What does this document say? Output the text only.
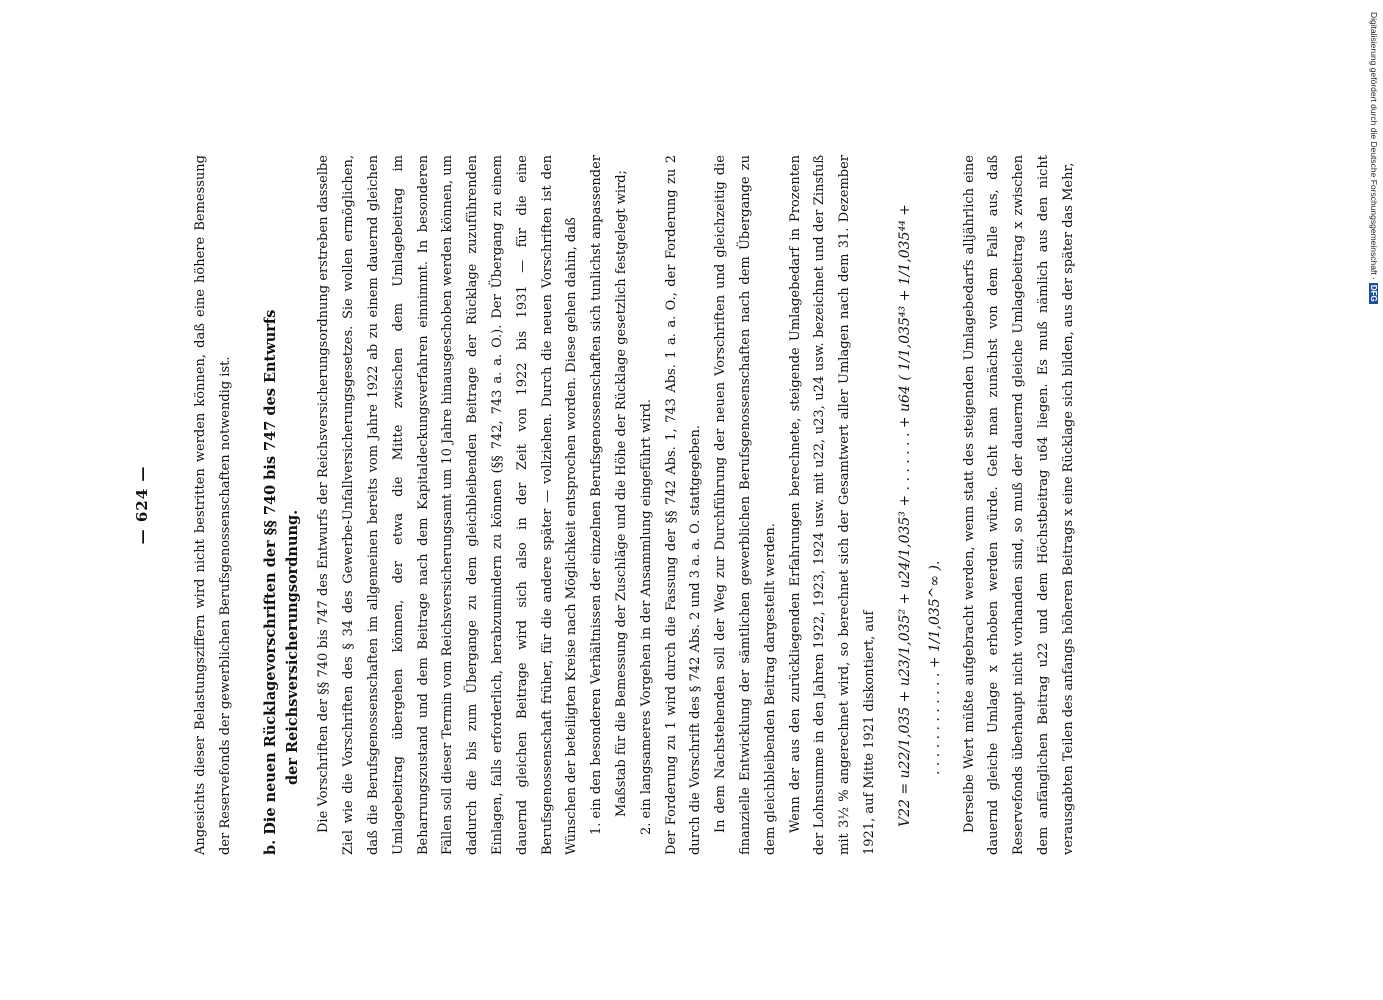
— 624 —	Angesichts dieser Belastungsziffern wird nicht bestritten werden können, daß eine höhere Bemessung der Reservefonds der gewerblichen Berufsgenossenschaften notwendig ist.	b. Die neuen Rücklagevorschriften der §§ 740 bis 747 des Entwurfs der Reichsversicherungsordnung.	Die Vorschriften der §§ 740 bis 747 des Entwurfs der Reichsversicherungsordnung erstreben dasselbe Ziel wie die Vorschriften des § 34 des Gewerbe-Unfallversicherungsgesetzes. Sie wollen ermöglichen, daß die Berufsgenossenschaften im allgemeinen bereits vom Jahre 1922 ab zu einem dauernd gleichen Umlagebeitrag übergehen können, der etwa die Mitte zwischen dem Umlagebeitrag im Beharrungszustand und dem Beitrage nach dem Kapitaldeckungsverfahren einnimmt. In besonderen Fällen soll dieser Termin vom Reichsversicherungsamt um 10 Jahre hinausgeschoben werden können, um dadurch die bis zum Übergange zu dem gleichbleibenden Beitrage der Rücklage zuzuführenden Einlagen, falls erforderlich, herabzumindern zu können (§§ 742, 743 a. a. O.). Der Übergang zu einem dauernd gleichen Beitrage wird sich also in der Zeit von 1922 bis 1931 — für die eine Berufsgenossenschaft früher, für die andere später — vollziehen. Durch die neuen Vorschriften ist den Wünschen der beteiligten Kreise nach Möglichkeit entsprochen worden. Diese gehen dahin, daß 1. ein den besonderen Verhältnissen der einzelnen Berufsgenossenschaften sich tunlichst anpassender Maßstab für die Bemessung der Zuschläge und die Höhe der Rücklage gesetzlich festgelegt wird; 2. ein langsameres Vorgehen in der Ansammlung eingeführt wird. Der Forderung zu 1 wird durch die Fassung der §§ 742 Abs. 1, 743 Abs. 1 a. a. O., der Forderung zu 2 durch die Vorschrift des § 742 Abs. 2 und 3 a. a. O. stattgegeben. In dem Nachstehenden soll der Weg zur Durchführung der neuen Vorschriften und gleichzeitig die finanzielle Entwicklung der sämtlichen gewerblichen Berufsgenossenschaften nach dem Übergange zu dem gleichbleibenden Beitrag dargestellt werden. Wenn der aus den zurückliegenden Erfahrungen berechnete, steigende Umlagebedarf in Prozenten der Lohnsumme in den Jahren 1922, 1923, 1924 usw. mit u22, u23, u24 usw. bezeichnet und der Zinsfuß mit 3½ % angerechnet wird, so berechnet sich der Gesamtwert aller Umlagen nach dem 31. Dezember 1921, auf Mitte 1921 diskontiert, auf	V22 = u22/1,035 + u23/1,035² + u24/1,035³ + . . . . . . . + u64 ( 1/1,035⁴³ + 1/1,035⁴⁴ +	. . . . . . . . . . . . + 1/1,035^∞ ).	Derselbe Wert müßte aufgebracht werden, wenn statt des steigenden Umlagebedarfs alljährlich eine dauernd gleiche Umlage x erhoben werden würde. Geht man zunächst von dem Falle aus, daß Reservefonds überhaupt nicht vorhanden sind, so muß der dauernd gleiche Umlagebeitrag x zwischen dem anfänglichen Beitrag u22 und dem Höchstbeitrag u64 liegen. Es muß nämlich aus den nicht verausgabten Teilen des anfangs höheren Beitrags x eine Rücklage sich bilden, aus der später das Mehr,

Digitalisierung gefördert durch die Deutsche Forschungsgemeinschaft ·DFG
